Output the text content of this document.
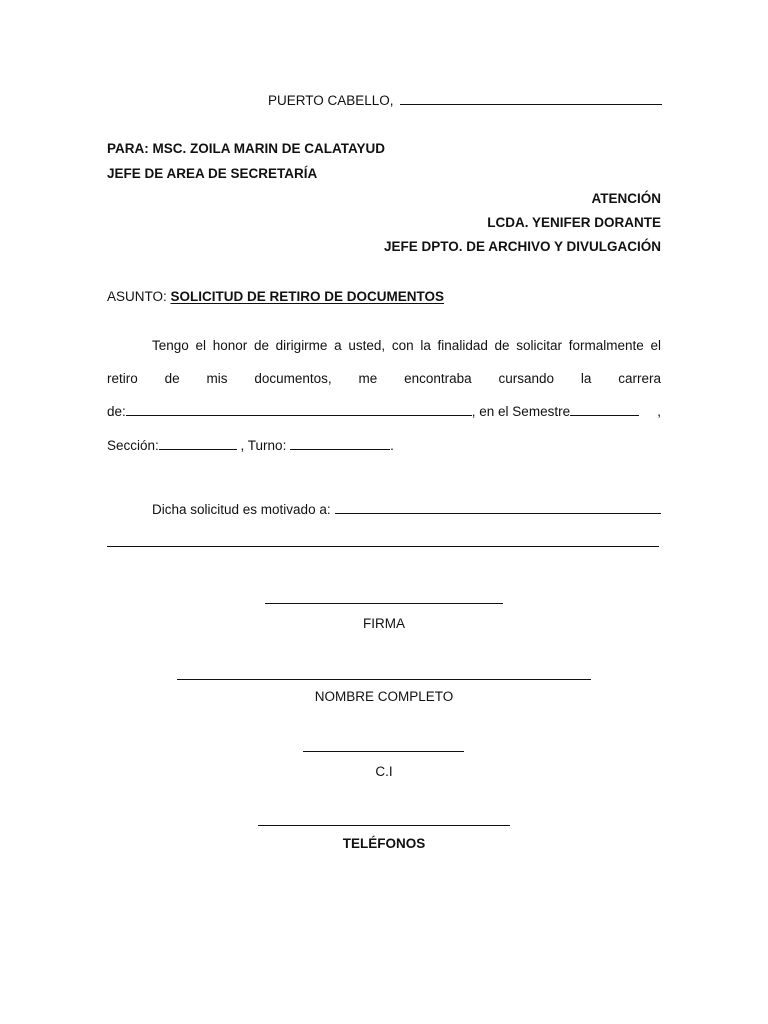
PUERTO CABELLO,
PARA: MSC. ZOILA MARIN DE CALATAYUD
JEFE DE AREA DE SECRETARÍA
ATENCIÓN
LCDA. YENIFER DORANTE
JEFE DPTO. DE ARCHIVO Y DIVULGACIÓN
ASUNTO: SOLICITUD DE RETIRO DE DOCUMENTOS
Tengo el honor de dirigirme a usted, con la finalidad de solicitar formalmente el
retiro de mis documentos, me encontraba cursando la carrera
de:	, en el Semestre	,
Sección:	, Turno:	.
Dicha solicitud es motivado a:
FIRMA
NOMBRE COMPLETO
C.I
TELÉFONOS
